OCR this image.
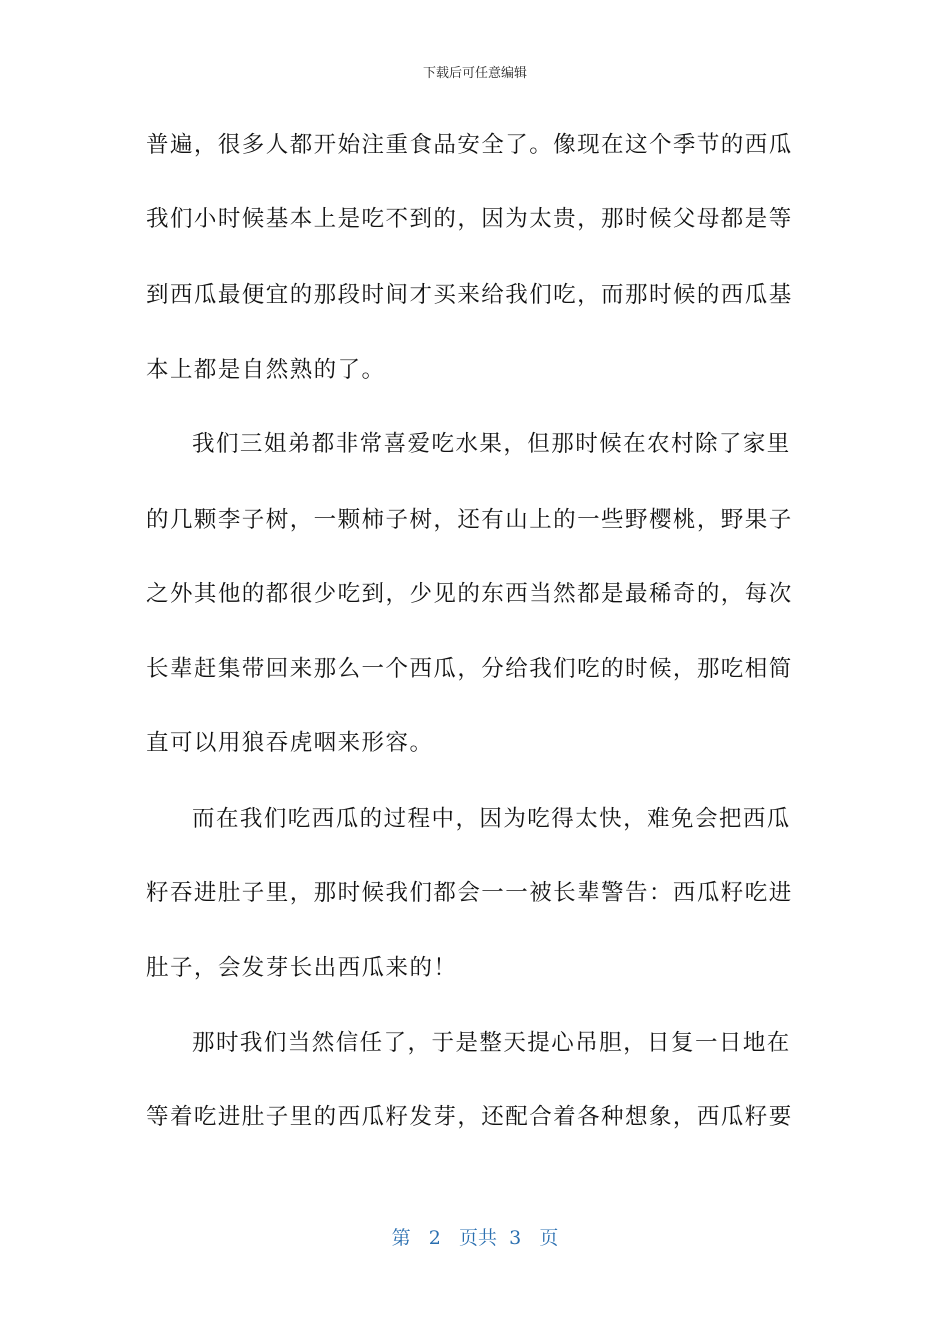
下载后可任意编辑
普遍，很多人都开始注重食品安全了。像现在这个季节的西瓜
我们小时候基本上是吃不到的，因为太贵，那时候父母都是等
到西瓜最便宜的那段时间才买来给我们吃，而那时候的西瓜基
本上都是自然熟的了。
我们三姐弟都非常喜爱吃水果，但那时候在农村除了家里
的几颗李子树，一颗柿子树，还有山上的一些野樱桃，野果子
之外其他的都很少吃到，少见的东西当然都是最稀奇的，每次
长辈赶集带回来那么一个西瓜，分给我们吃的时候，那吃相简
直可以用狼吞虎咽来形容。
而在我们吃西瓜的过程中，因为吃得太快，难免会把西瓜
籽吞进肚子里，那时候我们都会一一被长辈警告：西瓜籽吃进
肚子，会发芽长出西瓜来的！
那时我们当然信任了，于是整天提心吊胆，日复一日地在
等着吃进肚子里的西瓜籽发芽，还配合着各种想象，西瓜籽要
第 2 页共 3 页
